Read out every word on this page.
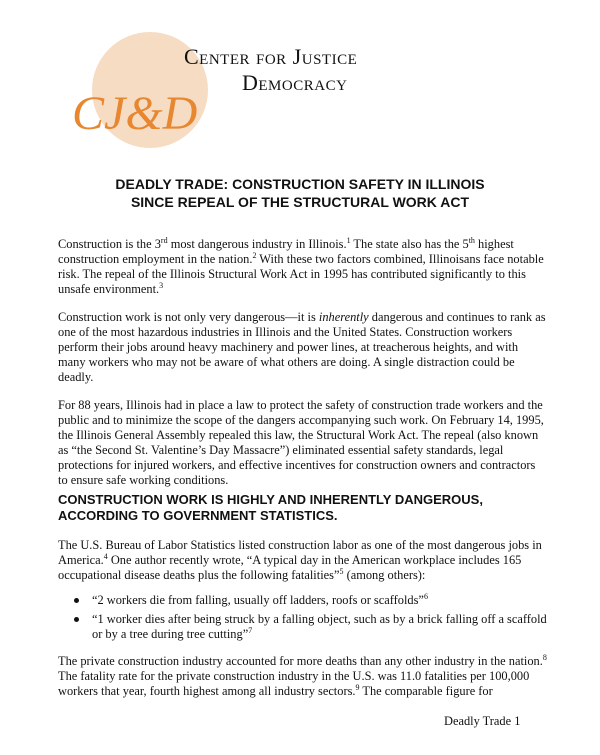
Center for Justice
Democracy
CJ&D
DEADLY TRADE: CONSTRUCTION SAFETY IN ILLINOIS
SINCE REPEAL OF THE STRUCTURAL WORK ACT

Construction is the 3rd most dangerous industry in Illinois.$^1$ The state also has the 5th highest construction employment in the nation.$^2$ With these two factors combined, Illinoisans face notable risk. The repeal of the Illinois Structural Work Act in 1995 has contributed significantly to this unsafe environment.$^3$

Construction work is not only very dangerous—it is inherently dangerous and continues to rank as one of the most hazardous industries in Illinois and the United States. Construction workers perform their jobs around heavy machinery and power lines, at treacherous heights, and with many workers who may not be aware of what others are doing. A single distraction could be deadly.

For 88 years, Illinois had in place a law to protect the safety of construction trade workers and the public and to minimize the scope of the dangers accompanying such work. On February 14, 1995, the Illinois General Assembly repealed this law, the Structural Work Act. The repeal (also known as “the Second St. Valentine’s Day Massacre”) eliminated essential safety standards, legal protections for injured workers, and effective incentives for construction owners and contractors to ensure safe working conditions.

CONSTRUCTION WORK IS HIGHLY AND INHERENTLY DANGEROUS,
ACCORDING TO GOVERNMENT STATISTICS.

The U.S. Bureau of Labor Statistics listed construction labor as one of the most dangerous jobs in America.$^4$ One author recently wrote, “A typical day in the American workplace includes 165 occupational disease deaths plus the following fatalities”$^5$ (among others):

“2 workers die from falling, usually off ladders, roofs or scaffolds”$^6$
“1 worker dies after being struck by a falling object, such as by a brick falling off a scaffold or by a tree during tree cutting”$^7$

The private construction industry accounted for more deaths than any other industry in the nation.$^8$ The fatality rate for the private construction industry in the U.S. was 11.0 fatalities per 100,000 workers that year, fourth highest among all industry sectors.$^9$ The comparable figure for

Deadly Trade 1
